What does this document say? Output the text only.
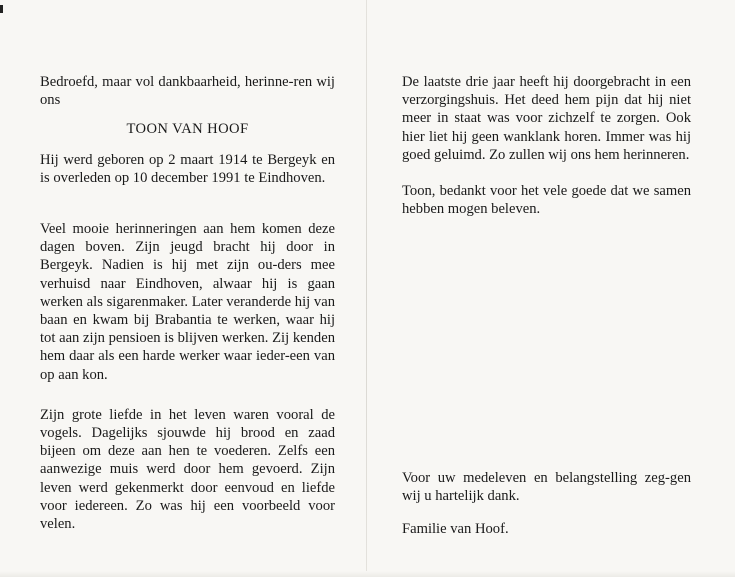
Bedroefd, maar vol dankbaarheid, herinne-ren wij ons

TOON VAN HOOF

Hij werd geboren op 2 maart 1914 te Bergeyk en is overleden op 10 december 1991 te Eindhoven.

Veel mooie herinneringen aan hem komen deze dagen boven. Zijn jeugd bracht hij door in Bergeyk. Nadien is hij met zijn ou-ders mee verhuisd naar Eindhoven, alwaar hij is gaan werken als sigarenmaker. Later veranderde hij van baan en kwam bij Brabantia te werken, waar hij tot aan zijn pensioen is blijven werken. Zij kenden hem daar als een harde werker waar ieder-een van op aan kon.

Zijn grote liefde in het leven waren vooral de vogels. Dagelijks sjouwde hij brood en zaad bijeen om deze aan hen te voederen. Zelfs een aanwezige muis werd door hem gevoerd. Zijn leven werd gekenmerkt door eenvoud en liefde voor iedereen. Zo was hij een voorbeeld voor velen.

De laatste drie jaar heeft hij doorgebracht in een verzorgingshuis. Het deed hem pijn dat hij niet meer in staat was voor zichzelf te zorgen. Ook hier liet hij geen wanklank horen. Immer was hij goed geluimd. Zo zullen wij ons hem herinneren.

Toon, bedankt voor het vele goede dat we samen hebben mogen beleven.

Voor uw medeleven en belangstelling zeg-gen wij u hartelijk dank.

Familie van Hoof.
